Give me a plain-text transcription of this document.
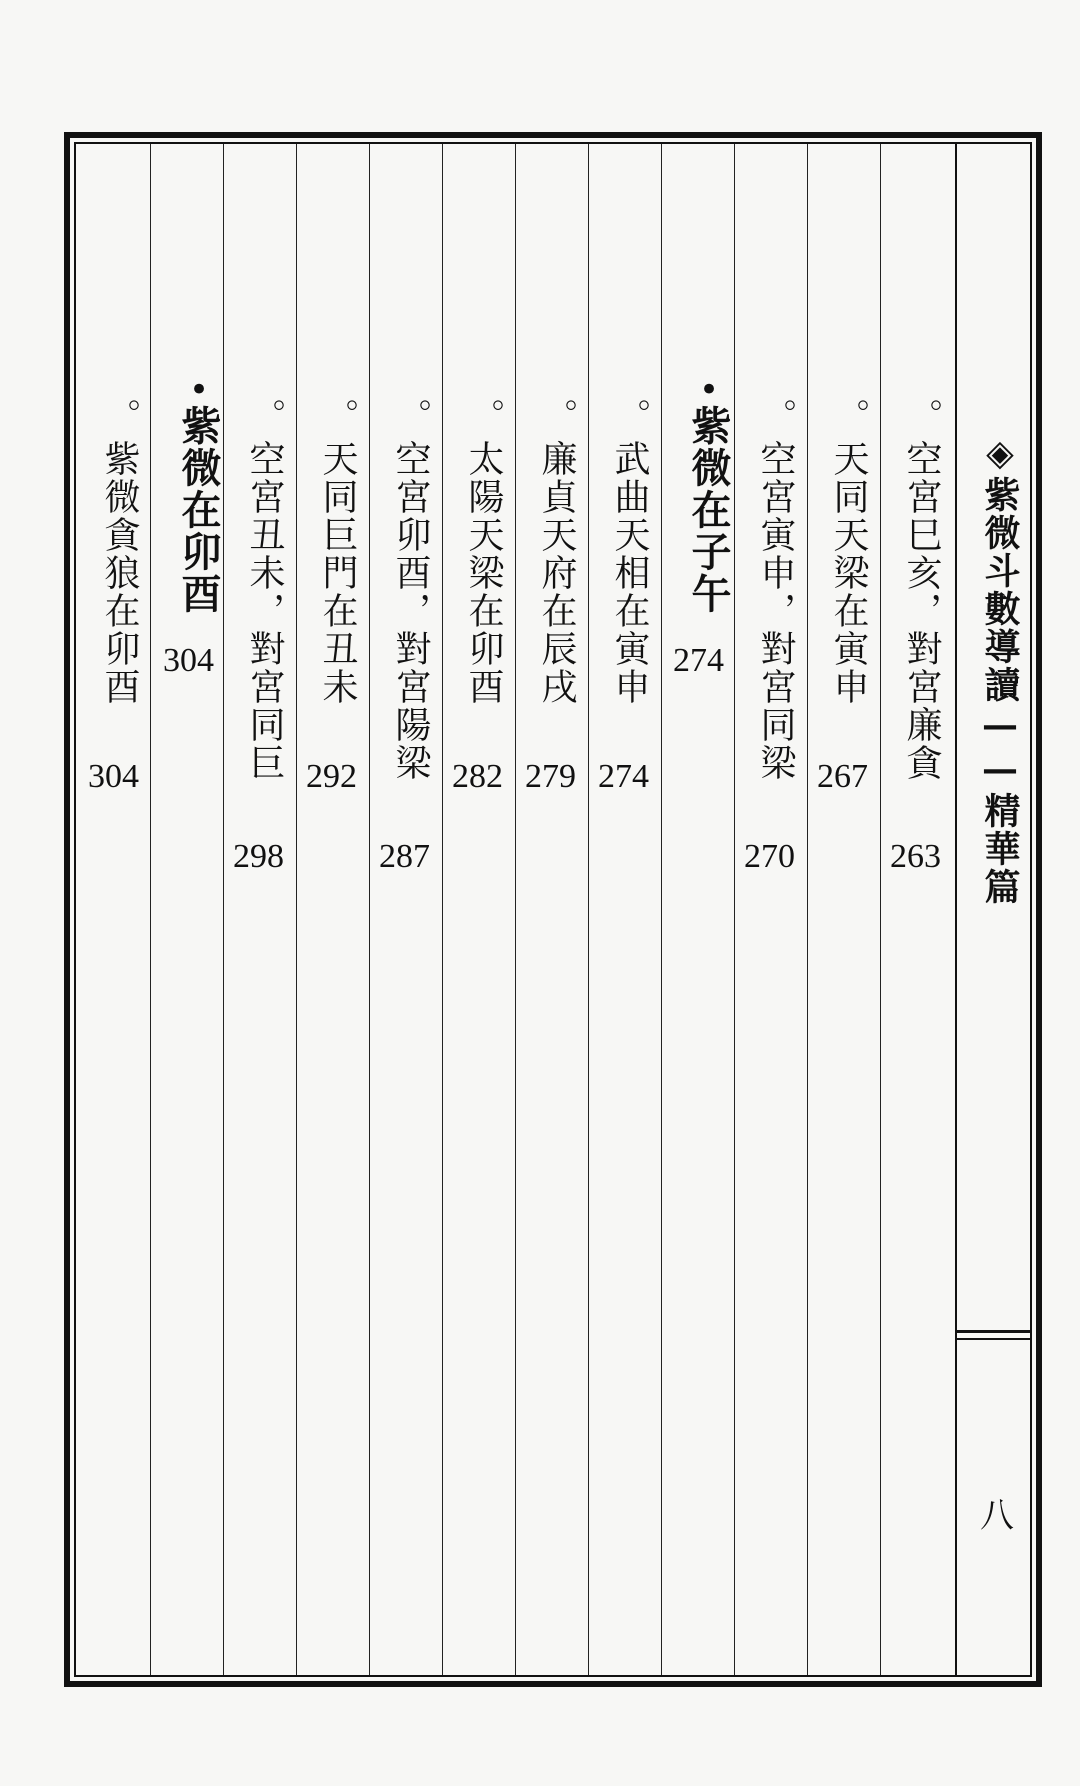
◈紫微斗數導讀——精華篇
八
。
空宮巳亥，對宮廉貪
263
。
天同天梁在寅申
267
。
空宮寅申，對宮同梁
270
•
紫微在子午
274
。
武曲天相在寅申
274
。
廉貞天府在辰戌
279
。
太陽天梁在卯酉
282
。
空宮卯酉，對宮陽梁
287
。
天同巨門在丑未
292
。
空宮丑未，對宮同巨
298
•
紫微在卯酉
304
。
紫微貪狼在卯酉
304
